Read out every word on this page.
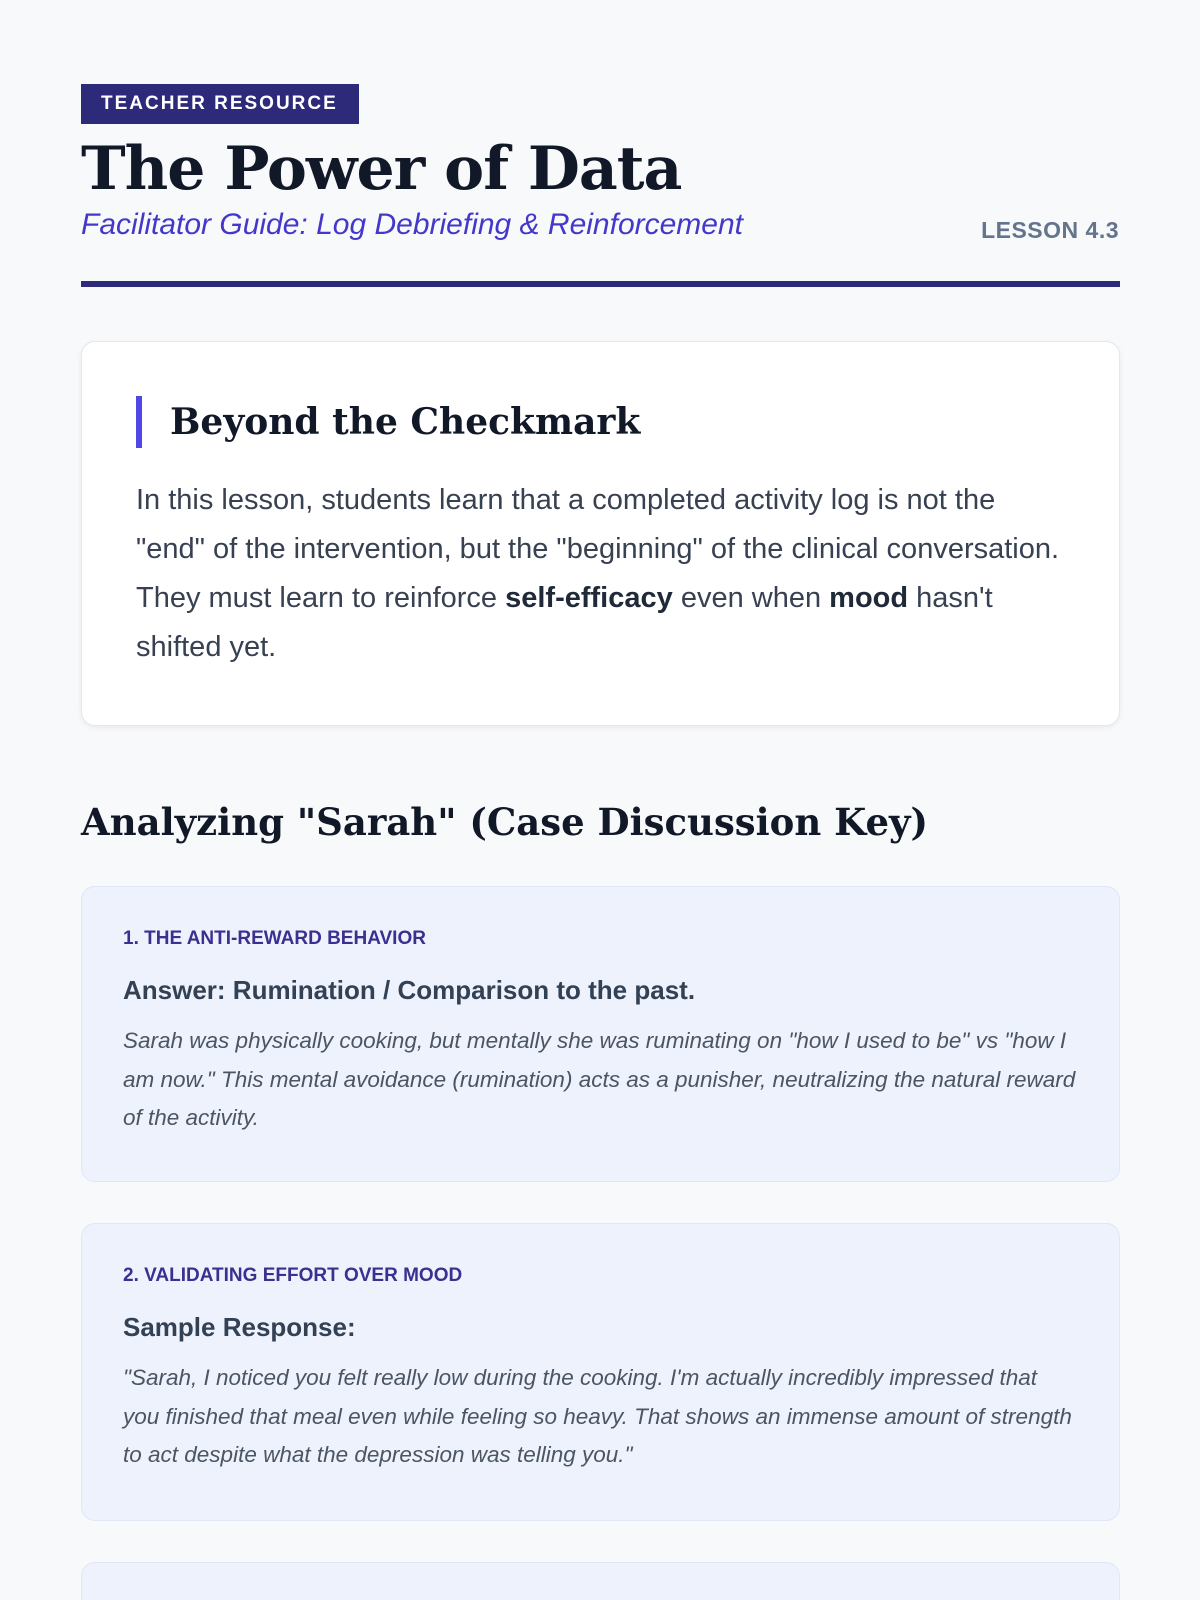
TEACHER RESOURCE
The Power of Data
Facilitator Guide: Log Debriefing & Reinforcement	LESSON 4.3
Beyond the Checkmark

In this lesson, students learn that a completed activity log is not the "end" of the intervention, but the "beginning" of the clinical conversation. They must learn to reinforce self-efficacy even when mood hasn't shifted yet.

Analyzing "Sarah" (Case Discussion Key)
1. THE ANTI-REWARD BEHAVIOR
Answer: Rumination / Comparison to the past.

Sarah was physically cooking, but mentally she was ruminating on "how I used to be" vs "how I am now." This mental avoidance (rumination) acts as a punisher, neutralizing the natural reward of the activity.

2. VALIDATING EFFORT OVER MOOD
Sample Response:

"Sarah, I noticed you felt really low during the cooking. I'm actually incredibly impressed that you finished that meal even while feeling so heavy. That shows an immense amount of strength to act despite what the depression was telling you."
